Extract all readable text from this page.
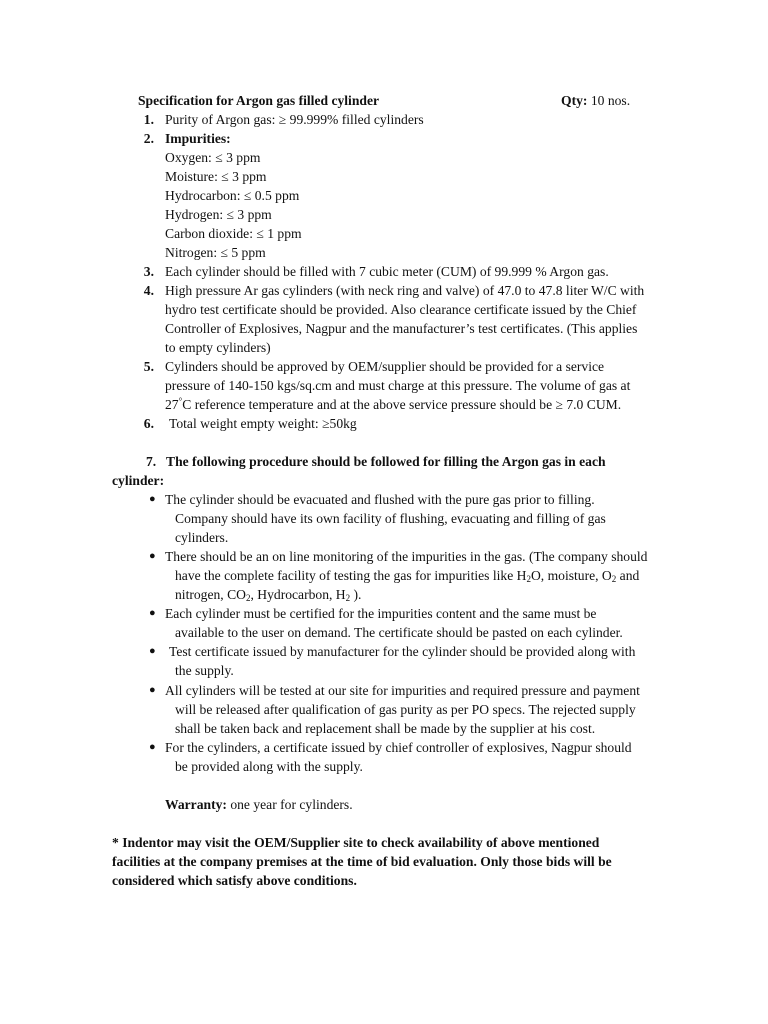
Specification for Argon gas filled cylinder	Qty: 10 nos.
1. Purity of Argon gas: ≥ 99.999% filled cylinders
2. Impurities:
Oxygen: ≤ 3 ppm
Moisture: ≤ 3 ppm
Hydrocarbon: ≤ 0.5 ppm
Hydrogen: ≤ 3 ppm
Carbon dioxide: ≤ 1 ppm
Nitrogen: ≤ 5 ppm
3. Each cylinder should be filled with 7 cubic meter (CUM) of 99.999 % Argon gas.
4. High pressure Ar gas cylinders (with neck ring and valve) of 47.0 to 47.8 liter W/C with
hydro test certificate should be provided. Also clearance certificate issued by the Chief
Controller of Explosives, Nagpur and the manufacturer’s test certificates. (This applies
to empty cylinders)
5. Cylinders should be approved by OEM/supplier should be provided for a service
pressure of 140-150 kgs/sq.cm and must charge at this pressure. The volume of gas at
27°C reference temperature and at the above service pressure should be ≥ 7.0 CUM.
6. Total weight empty weight: ≥50kg
7. The following procedure should be followed for filling the Argon gas in each
cylinder:
● The cylinder should be evacuated and flushed with the pure gas prior to filling.
Company should have its own facility of flushing, evacuating and filling of gas
cylinders.
● There should be an on line monitoring of the impurities in the gas. (The company should
have the complete facility of testing the gas for impurities like $H_2O$, moisture, $O_2$ and
nitrogen, $CO_2$, Hydrocarbon, $H_2$ ).
● Each cylinder must be certified for the impurities content and the same must be
available to the user on demand. The certificate should be pasted on each cylinder.
● Test certificate issued by manufacturer for the cylinder should be provided along with
the supply.
● All cylinders will be tested at our site for impurities and required pressure and payment
will be released after qualification of gas purity as per PO specs. The rejected supply
shall be taken back and replacement shall be made by the supplier at his cost.
● For the cylinders, a certificate issued by chief controller of explosives, Nagpur should
be provided along with the supply.
Warranty: one year for cylinders.
* Indentor may visit the OEM/Supplier site to check availability of above mentioned
facilities at the company premises at the time of bid evaluation. Only those bids will be
considered which satisfy above conditions.
